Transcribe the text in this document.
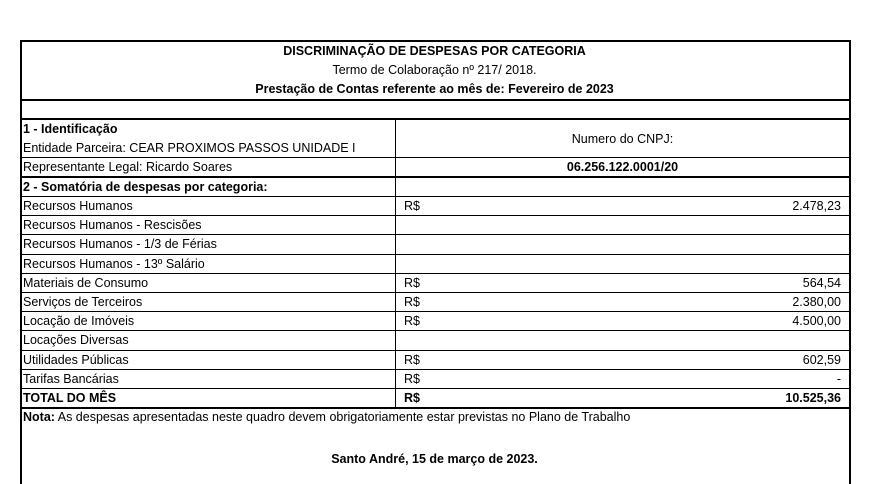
DISCRIMINAÇÃO DE DESPESAS POR CATEGORIA
Termo de Colaboração nº 217/ 2018.
Prestação de Contas referente ao mês de: Fevereiro de 2023
1 - Identificação
Entidade Parceira: CEAR PROXIMOS PASSOS UNIDADE I
Numero do CNPJ:
Representante Legal: Ricardo Soares	06.256.122.0001/20
2 - Somatória de despesas por categoria:
Recursos Humanos	R$	2.478,23
Recursos Humanos - Rescisões
Recursos Humanos - 1/3 de Férias
Recursos Humanos - 13º Salário
Materiais de Consumo	R$	564,54
Serviços de Terceiros	R$	2.380,00
Locação de Imóveis	R$	4.500,00
Locações Diversas
Utilidades Públicas	R$	602,59
Tarifas Bancárias	R$	-
TOTAL DO MÊS	R$	10.525,36
Nota: As despesas apresentadas neste quadro devem obrigatoriamente estar previstas no Plano de Trabalho
Santo André, 15 de março de 2023.
